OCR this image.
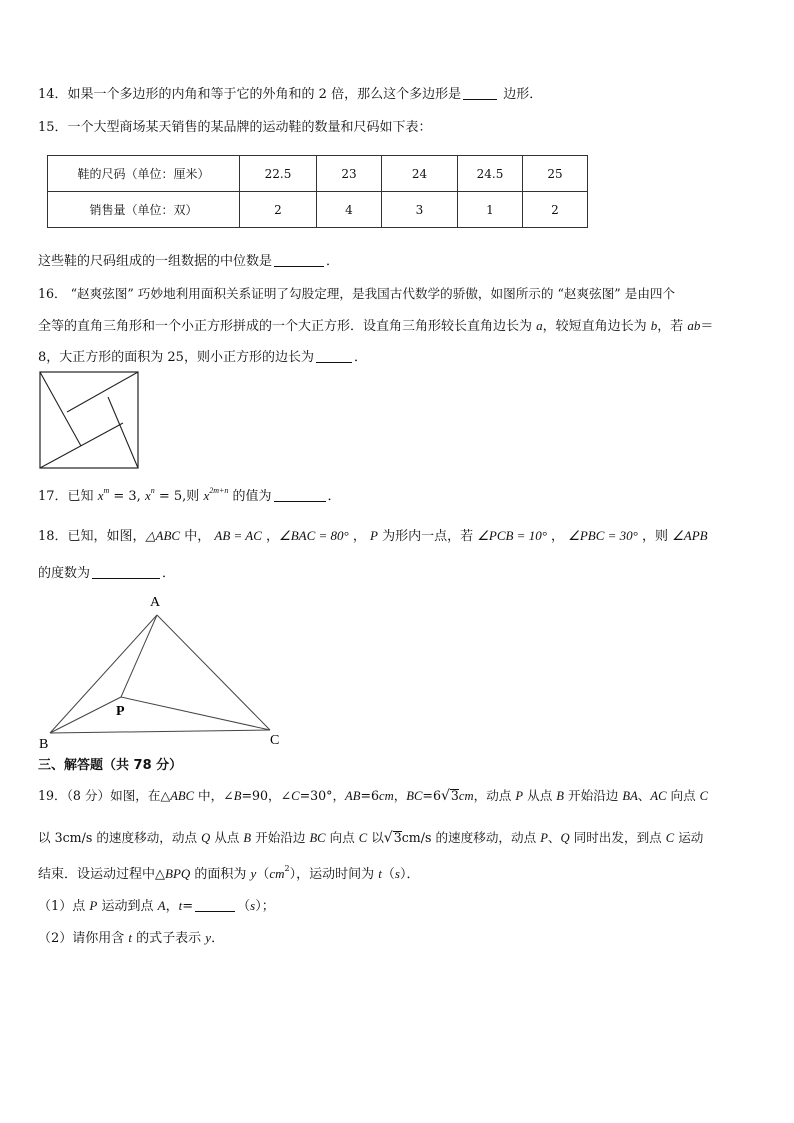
14．如果一个多边形的内角和等于它的外角和的 2 倍，那么这个多边形是	边形．
15．一个大型商场某天销售的某品牌的运动鞋的数量和尺码如下表：
鞋的尺码（单位：厘米）	22.5	23	24	24.5	25
销售量（单位：双）	2	4	3	1	2
这些鞋的尺码组成的一组数据的中位数是	．
16． “赵爽弦图” 巧妙地利用面积关系证明了勾股定理，是我国古代数学的骄傲，如图所示的 “赵爽弦图” 是由四个
全等的直角三角形和一个小正方形拼成的一个大正方形．设直角三角形较长直角边长为 a，较短直角边长为 b，若 ab＝
8，大正方形的面积为 25，则小正方形的边长为	．
17．已知 $x^m = 3$, $x^n = 5$,则 $x^{2m+n}$ 的值为	．
18．已知，如图，△ABC 中， AB = AC ，∠BAC = 80° ， P 为形内一点，若 ∠PCB = 10° ， ∠PBC = 30° ，则 ∠APB
的度数为	．
A
B	C
P
三、解答题（共 78 分）
19．（8 分）如图，在△ABC 中，∠B=90，∠C=30°，AB=6cm，BC=6√3cm，动点 P 从点 B 开始沿边 BA、AC 向点 C
以 3cm/s 的速度移动，动点 Q 从点 B 开始沿边 BC 向点 C 以√3cm/s 的速度移动，动点 P、Q 同时出发，到点 C 运动
结束．设运动过程中△BPQ 的面积为 $y(cm^2)$，运动时间为 t（s）．
（1）点 P 运动到点 A，t=	（s）；
（2）请你用含 t 的式子表示 y．
